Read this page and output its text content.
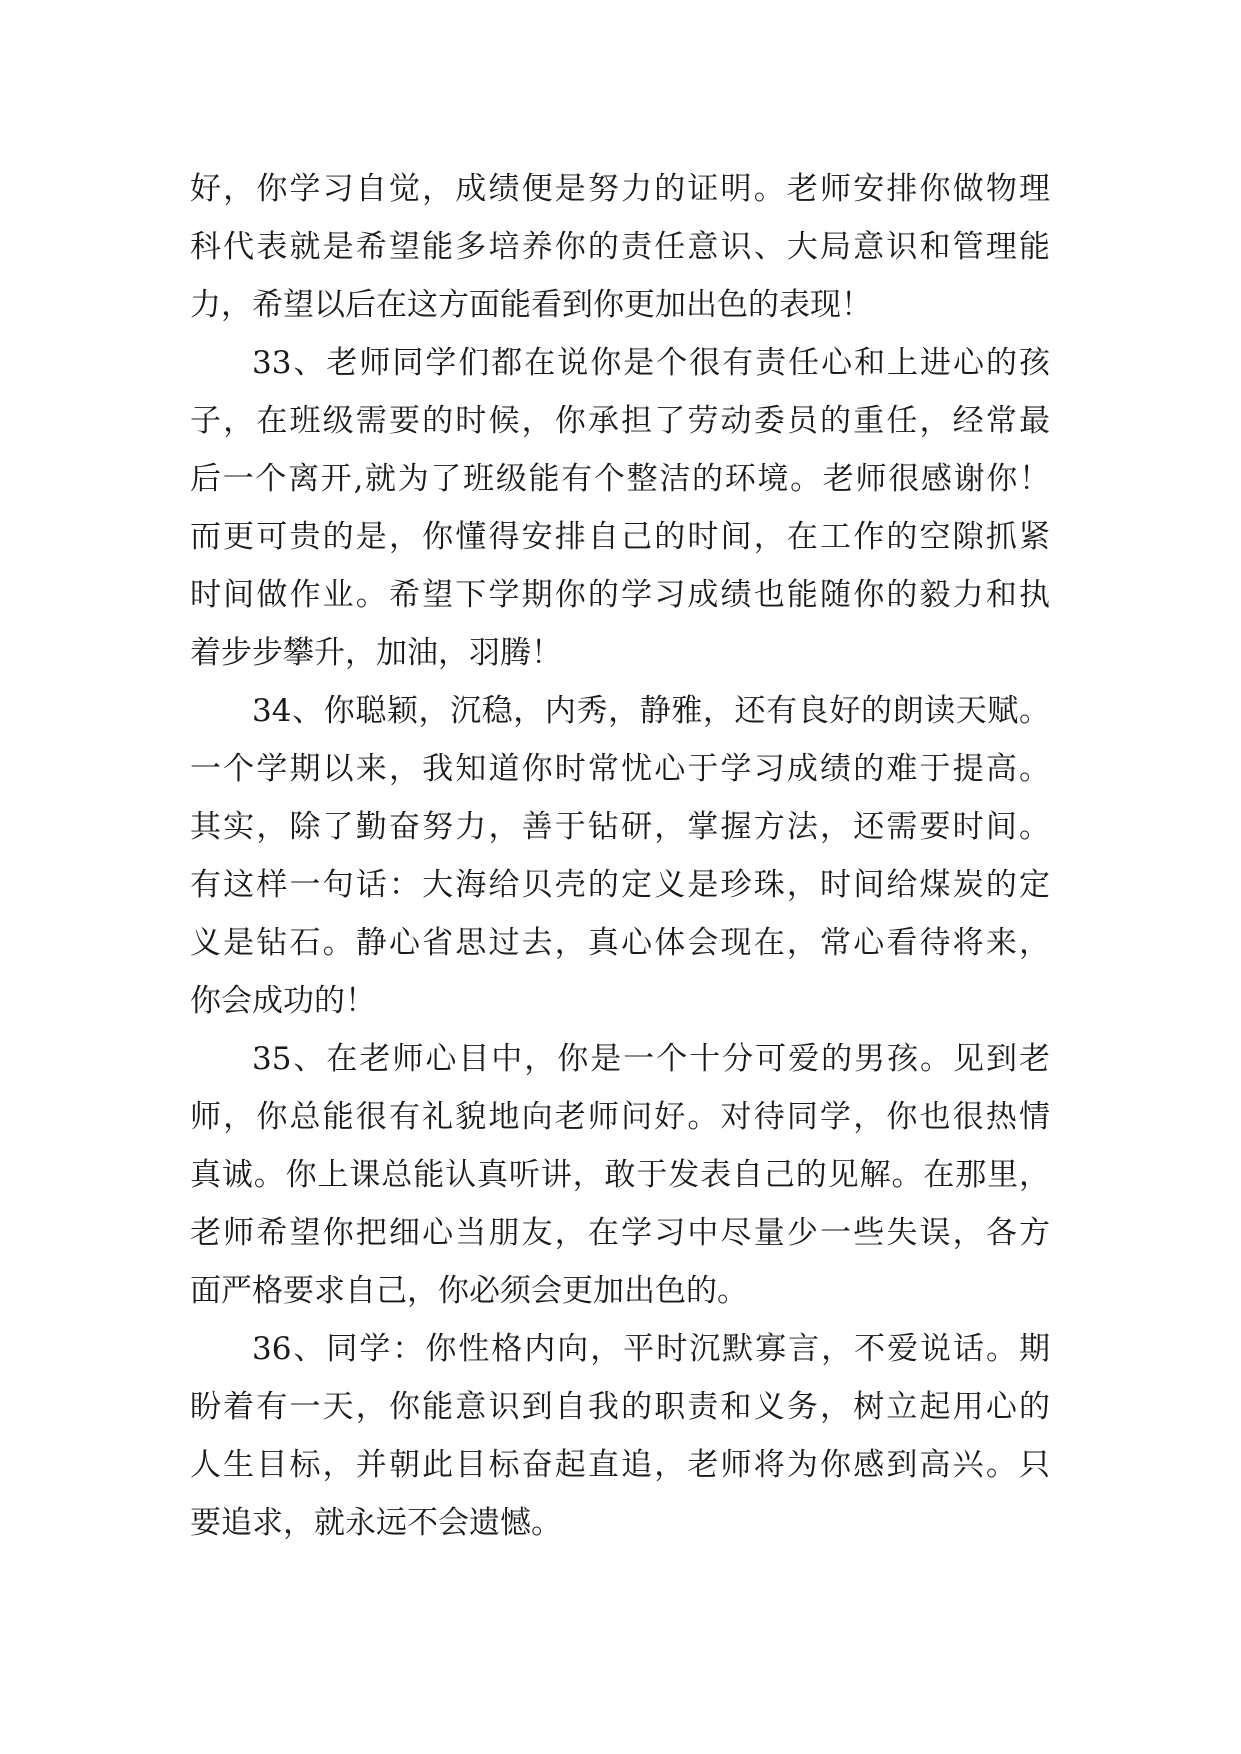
好，你学习自觉，成绩便是努力的证明。老师安排你做物理
科代表就是希望能多培养你的责任意识、大局意识和管理能
力，希望以后在这方面能看到你更加出色的表现！
33、老师同学们都在说你是个很有责任心和上进心的孩
子，在班级需要的时候，你承担了劳动委员的重任，经常最
后一个离开,就为了班级能有个整洁的环境。老师很感谢你！
而更可贵的是，你懂得安排自己的时间，在工作的空隙抓紧
时间做作业。希望下学期你的学习成绩也能随你的毅力和执
着步步攀升，加油，羽腾！
34、你聪颖，沉稳，内秀，静雅，还有良好的朗读天赋。
一个学期以来，我知道你时常忧心于学习成绩的难于提高。
其实，除了勤奋努力，善于钻研，掌握方法，还需要时间。
有这样一句话：大海给贝壳的定义是珍珠，时间给煤炭的定
义是钻石。静心省思过去，真心体会现在，常心看待将来，
你会成功的！
35、在老师心目中，你是一个十分可爱的男孩。见到老
师，你总能很有礼貌地向老师问好。对待同学，你也很热情
真诚。你上课总能认真听讲，敢于发表自己的见解。在那里，
老师希望你把细心当朋友，在学习中尽量少一些失误，各方
面严格要求自己，你必须会更加出色的。
36、同学：你性格内向，平时沉默寡言，不爱说话。期
盼着有一天，你能意识到自我的职责和义务，树立起用心的
人生目标，并朝此目标奋起直追，老师将为你感到高兴。只
要追求，就永远不会遗憾。
